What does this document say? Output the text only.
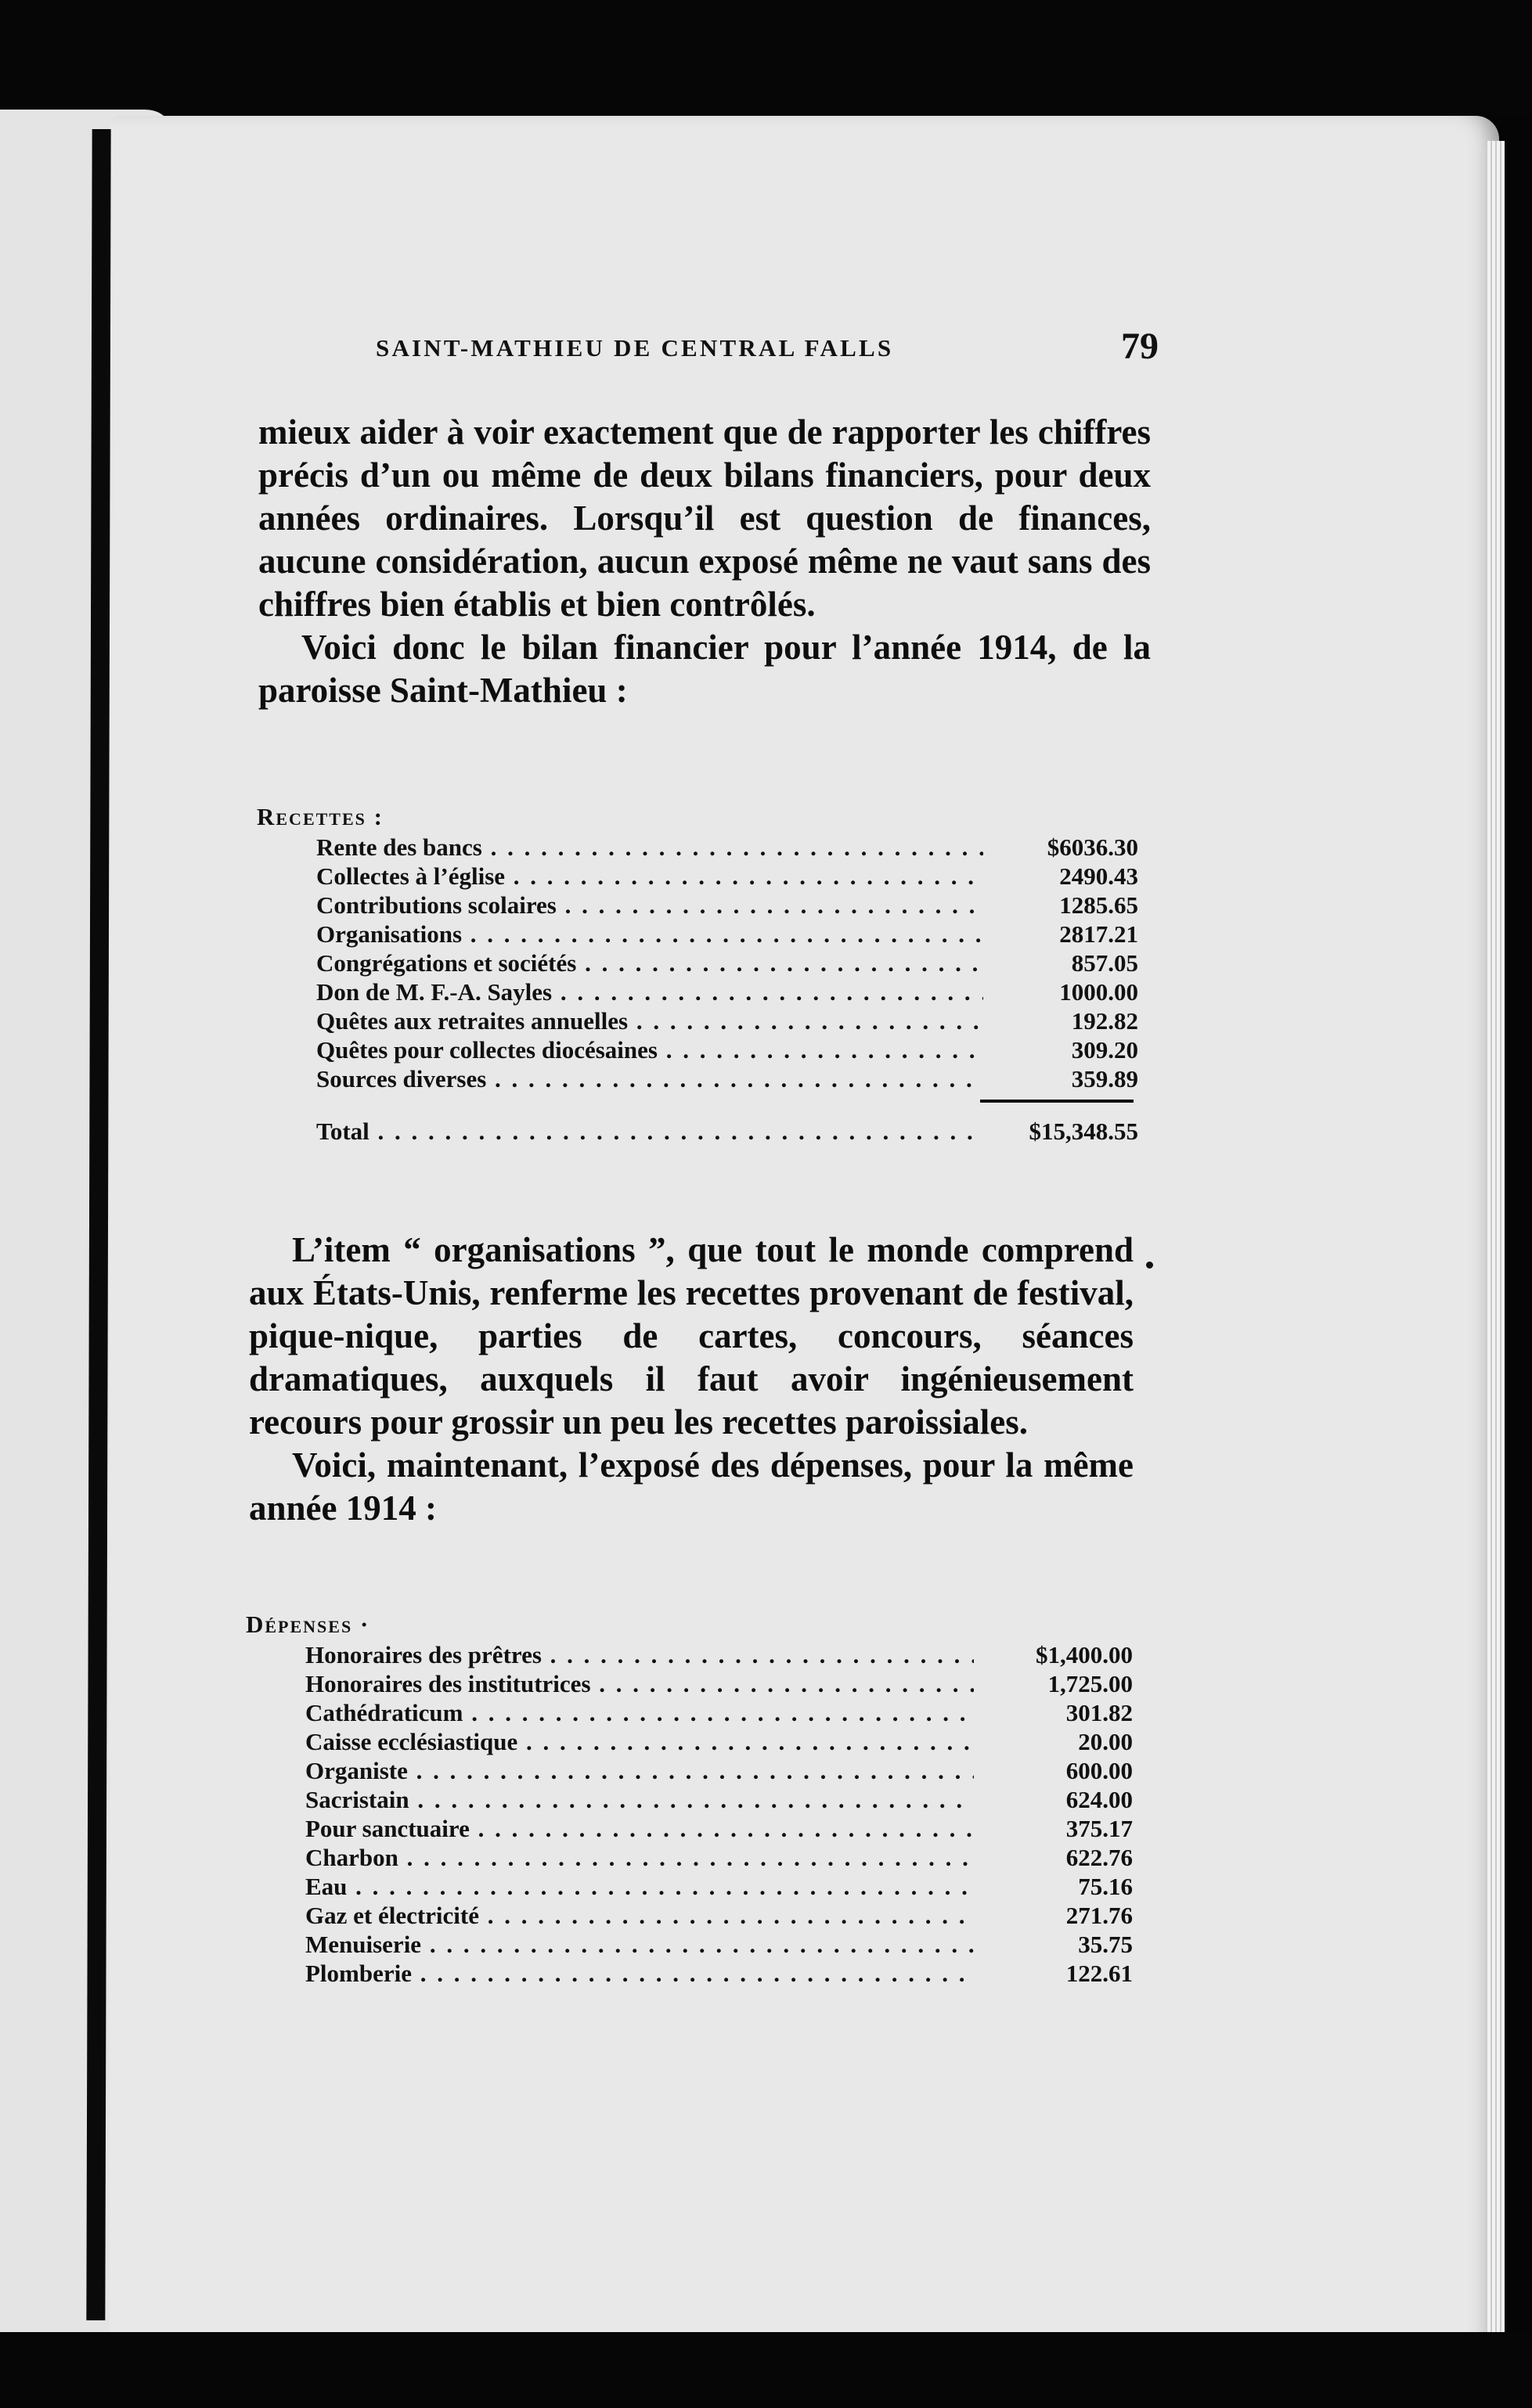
SAINT-MATHIEU DE CENTRAL FALLS	79

mieux aider à voir exactement que de rapporter les chiffres précis d’un ou même de deux bilans financiers, pour deux années ordinaires. Lorsqu’il est question de finances, aucune considération, aucun exposé même ne vaut sans des chiffres bien établis et bien contrôlés.

Voici donc le bilan financier pour l’année 1914, de la paroisse Saint-Mathieu :

Recettes :
Rente des bancs . . .	$6036.30
Collectes à l’église . . .	2490.43
Contributions scolaires . . .	1285.65
Organisations . . .	2817.21
Congrégations et sociétés . . .	857.05
Don de M. F.-A. Sayles . . .	1000.00
Quêtes aux retraites annuelles . . .	192.82
Quêtes pour collectes diocésaines . . .	309.20
Sources diverses . . .	359.89
Total . . .	$15,348.55

L’item “ organisations ”, que tout le monde comprend aux États-Unis, renferme les recettes provenant de festival, pique-nique, parties de cartes, concours, séances dramatiques, auxquels il faut avoir ingénieusement recours pour grossir un peu les recettes paroissiales.

Voici, maintenant, l’exposé des dépenses, pour la même année 1914 :

Dépenses ·
Honoraires des prêtres . . .	$1,400.00
Honoraires des institutrices . . .	1,725.00
Cathédraticum . . .	301.82
Caisse ecclésiastique . . .	20.00
Organiste . . .	600.00
Sacristain . . .	624.00
Pour sanctuaire . . .	375.17
Charbon . . .	622.76
Eau . . .	75.16
Gaz et électricité . . .	271.76
Menuiserie . . .	35.75
Plomberie . . .	122.61
